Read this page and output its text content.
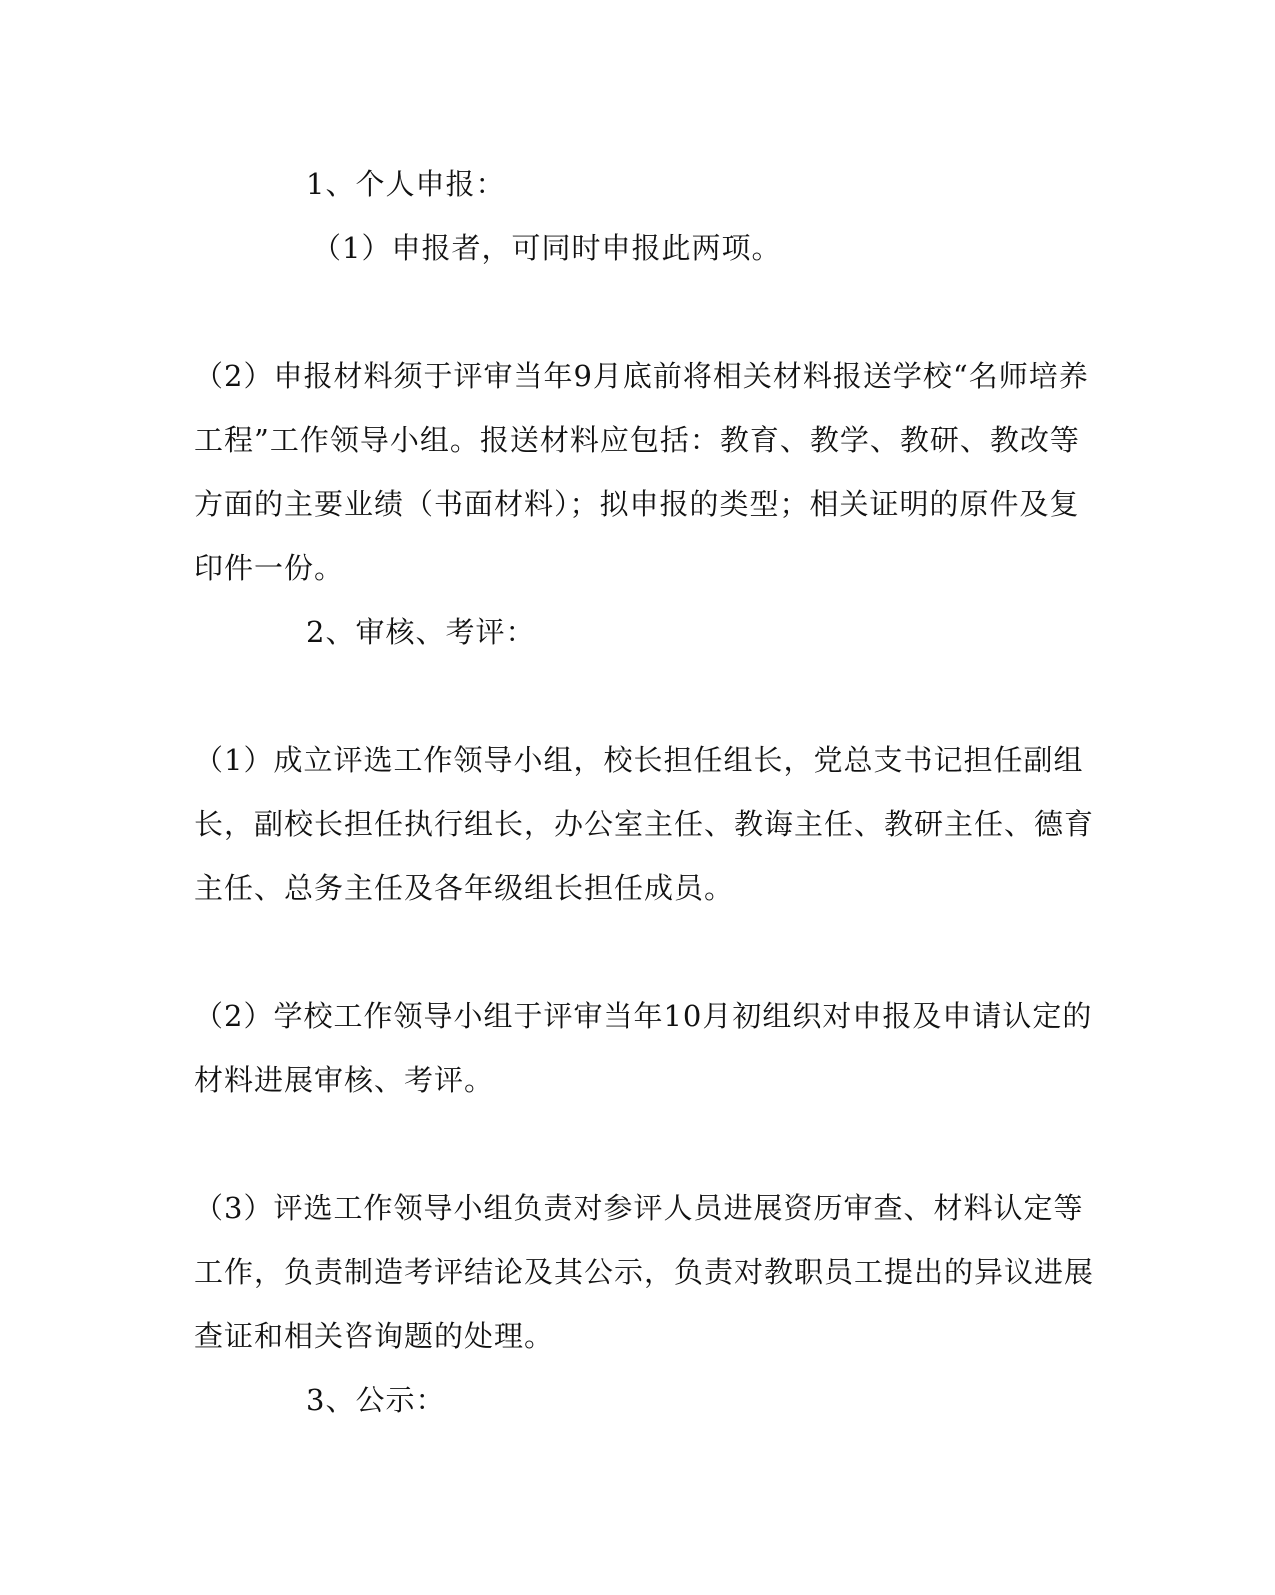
1、个人申报：
（1）申报者，可同时申报此两项。
（2）申报材料须于评审当年9月底前将相关材料报送学校“名师培养
工程”工作领导小组。报送材料应包括：教育、教学、教研、教改等
方面的主要业绩（书面材料）；拟申报的类型；相关证明的原件及复
印件一份。
2、审核、考评：
（1）成立评选工作领导小组，校长担任组长，党总支书记担任副组
长，副校长担任执行组长，办公室主任、教诲主任、教研主任、德育
主任、总务主任及各年级组长担任成员。
（2）学校工作领导小组于评审当年10月初组织对申报及申请认定的
材料进展审核、考评。
（3）评选工作领导小组负责对参评人员进展资历审查、材料认定等
工作，负责制造考评结论及其公示，负责对教职员工提出的异议进展
查证和相关咨询题的处理。
3、公示：
